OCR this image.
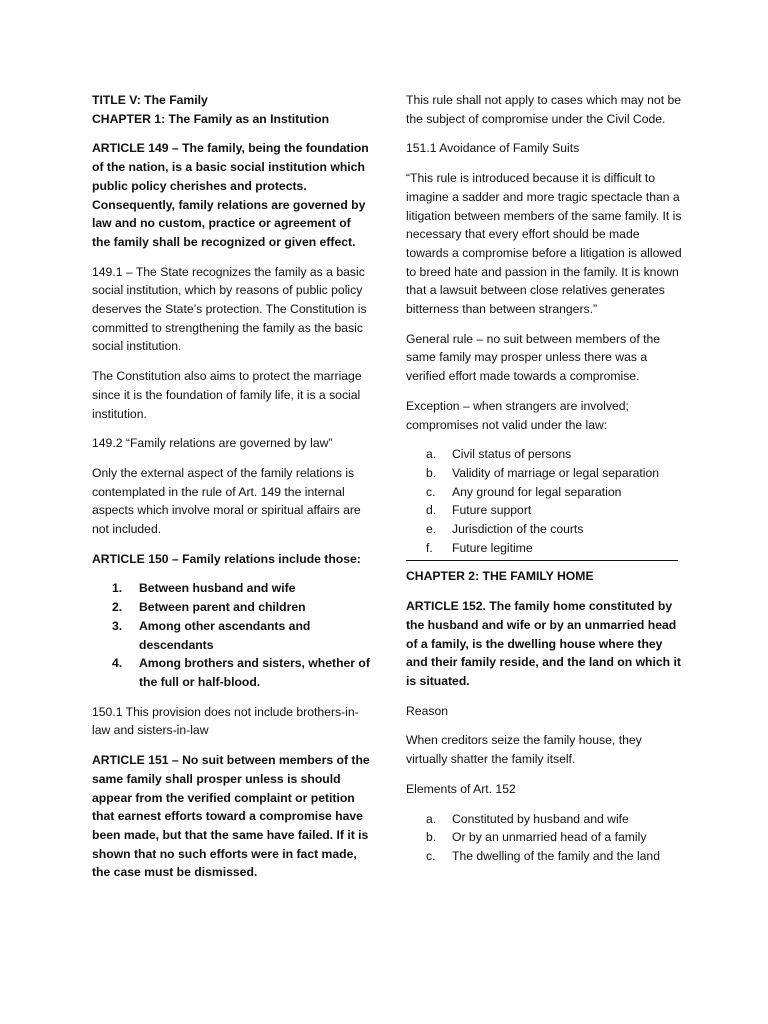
TITLE V: The Family

CHAPTER 1: The Family as an Institution

ARTICLE 149 – The family, being the foundation of the nation, is a basic social institution which public policy cherishes and protects. Consequently, family relations are governed by law and no custom, practice or agreement of the family shall be recognized or given effect.

149.1 – The State recognizes the family as a basic social institution, which by reasons of public policy deserves the State’s protection. The Constitution is committed to strengthening the family as the basic social institution.

The Constitution also aims to protect the marriage since it is the foundation of family life, it is a social institution.

149.2 “Family relations are governed by law”

Only the external aspect of the family relations is contemplated in the rule of Art. 149 the internal aspects which involve moral or spiritual affairs are not included.

ARTICLE 150 – Family relations include those:

1.	Between husband and wife
2.	Between parent and children
3.	Among other ascendants and descendants
4.	Among brothers and sisters, whether of the full or half-blood.

150.1 This provision does not include brothers-in-law and sisters-in-law

ARTICLE 151 – No suit between members of the same family shall prosper unless is should appear from the verified complaint or petition that earnest efforts toward a compromise have been made, but that the same have failed. If it is shown that no such efforts were in fact made, the case must be dismissed.

This rule shall not apply to cases which may not be the subject of compromise under the Civil Code.

151.1 Avoidance of Family Suits

“This rule is introduced because it is difficult to imagine a sadder and more tragic spectacle than a litigation between members of the same family. It is necessary that every effort should be made towards a compromise before a litigation is allowed to breed hate and passion in the family. It is known that a lawsuit between close relatives generates bitterness than between strangers.”

General rule – no suit between members of the same family may prosper unless there was a verified effort made towards a compromise.

Exception – when strangers are involved; compromises not valid under the law:

a.	Civil status of persons
b.	Validity of marriage or legal separation
c.	Any ground for legal separation
d.	Future support
e.	Jurisdiction of the courts
f.	Future legitime

CHAPTER 2: THE FAMILY HOME

ARTICLE 152. The family home constituted by the husband and wife or by an unmarried head of a family, is the dwelling house where they and their family reside, and the land on which it is situated.

Reason

When creditors seize the family house, they virtually shatter the family itself.

Elements of Art. 152

a.	Constituted by husband and wife
b.	Or by an unmarried head of a family
c.	The dwelling of the family and the land
